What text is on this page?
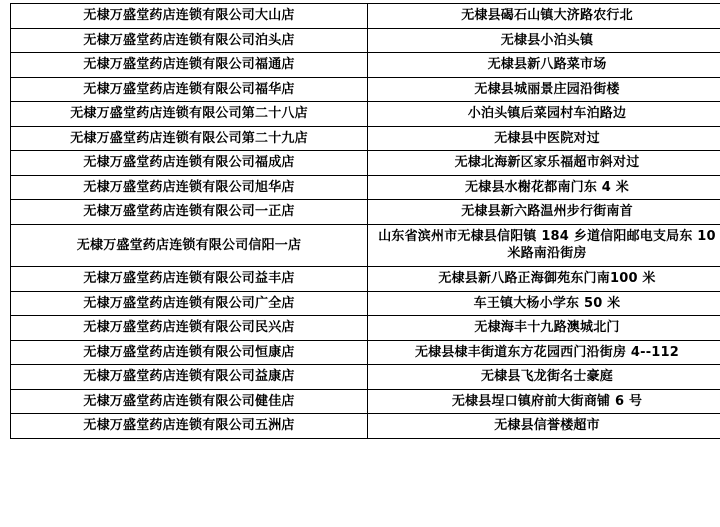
无棣万盛堂药店连锁有限公司大山店	无棣县碣石山镇大济路农行北
无棣万盛堂药店连锁有限公司泊头店	无棣县小泊头镇
无棣万盛堂药店连锁有限公司福通店	无棣县新八路菜市场
无棣万盛堂药店连锁有限公司福华店	无棣县城丽景庄园沿街楼
无棣万盛堂药店连锁有限公司第二十八店	小泊头镇后菜园村车泊路边
无棣万盛堂药店连锁有限公司第二十九店	无棣县中医院对过
无棣万盛堂药店连锁有限公司福成店	无棣北海新区家乐福超市斜对过
无棣万盛堂药店连锁有限公司旭华店	无棣县水榭花都南门东 4 米
无棣万盛堂药店连锁有限公司一正店	无棣县新六路温州步行街南首
无棣万盛堂药店连锁有限公司信阳一店	山东省滨州市无棣县信阳镇 184 乡道信阳邮电支局东 10 米路南沿街房
无棣万盛堂药店连锁有限公司益丰店	无棣县新八路正海御苑东门南100 米
无棣万盛堂药店连锁有限公司广全店	车王镇大杨小学东 50 米
无棣万盛堂药店连锁有限公司民兴店	无棣海丰十九路澳城北门
无棣万盛堂药店连锁有限公司恒康店	无棣县棣丰街道东方花园西门沿街房 4--112
无棣万盛堂药店连锁有限公司益康店	无棣县飞龙街名士豪庭
无棣万盛堂药店连锁有限公司健佳店	无棣县埕口镇府前大街商铺 6 号
无棣万盛堂药店连锁有限公司五洲店	无棣县信誉楼超市
